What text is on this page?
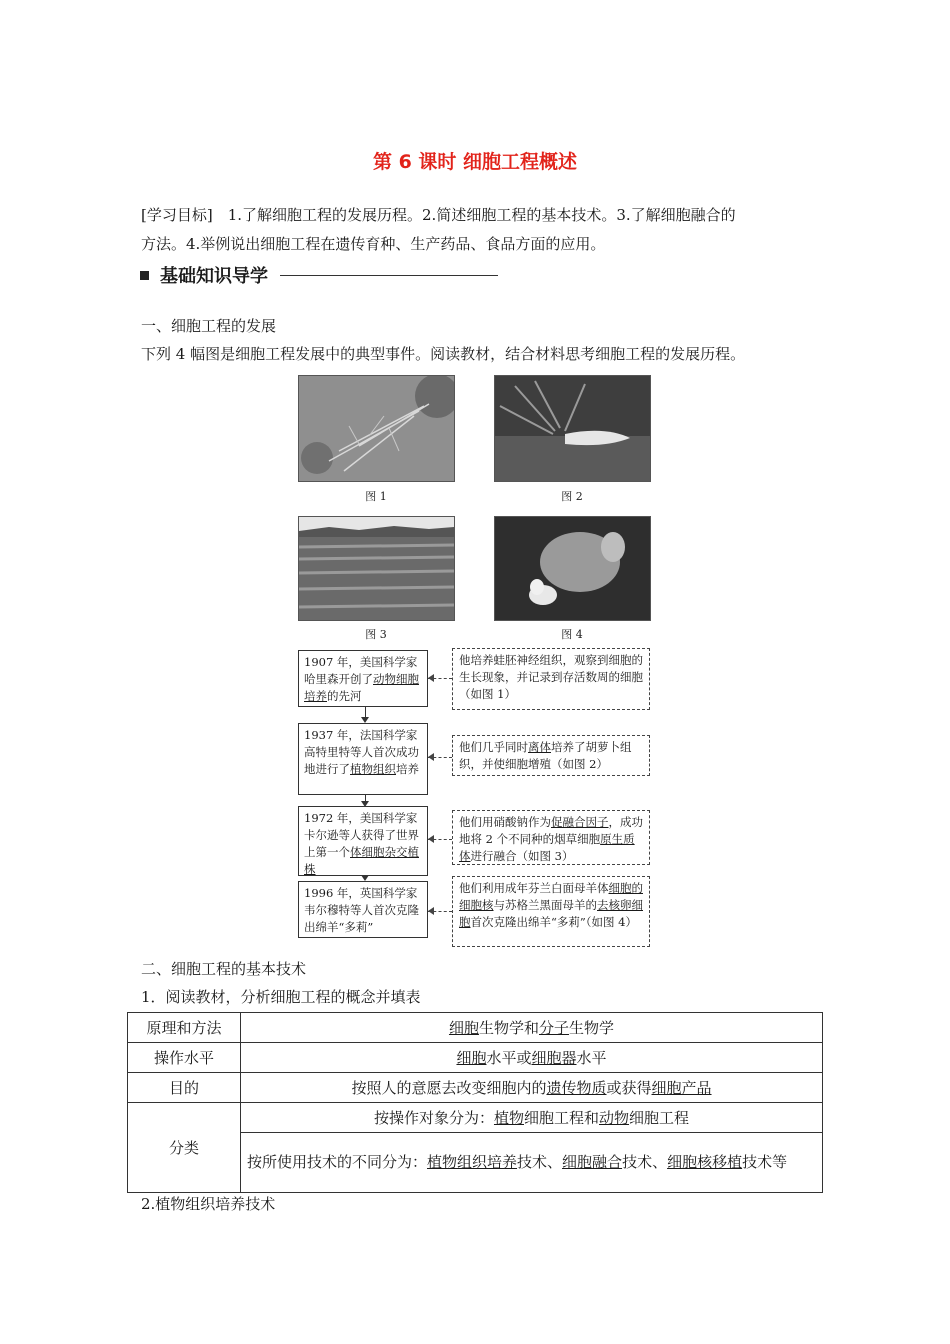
第 6 课时 细胞工程概述
[学习目标]　1.了解细胞工程的发展历程。2.简述细胞工程的基本技术。3.了解细胞融合的
方法。4.举例说出细胞工程在遗传育种、生产药品、食品方面的应用。
基础知识导学
一、细胞工程的发展
下列 4 幅图是细胞工程发展中的典型事件。阅读教材，结合材料思考细胞工程的发展历程。
图 1	图 2
图 3	图 4
1907 年，美国科学家哈里森开创了动物细胞培养的先河
他培养蛙胚神经组织，观察到细胞的生长现象，并记录到存活数周的细胞（如图 1）
1937 年，法国科学家高特里特等人首次成功地进行了植物组织培养
他们几乎同时离体培养了胡萝卜组织，并使细胞增殖（如图 2）
1972 年，美国科学家卡尔逊等人获得了世界上第一个体细胞杂交植株
他们用硝酸钠作为促融合因子，成功地将 2 个不同种的烟草细胞原生质体进行融合（如图 3）
1996 年，英国科学家韦尔穆特等人首次克隆出绵羊“多莉”
他们利用成年芬兰白面母羊体细胞的细胞核与苏格兰黑面母羊的去核卵细胞首次克隆出绵羊“多莉”（如图 4）
二、细胞工程的基本技术
1．阅读教材，分析细胞工程的概念并填表
原理和方法	细胞生物学和分子生物学
操作水平	细胞水平或细胞器水平
目的	按照人的意愿去改变细胞内的遗传物质或获得细胞产品
分类	按操作对象分为：植物细胞工程和动物细胞工程
	按所使用技术的不同分为：植物组织培养技术、细胞融合技术、细胞核移植技术等
2.植物组织培养技术
